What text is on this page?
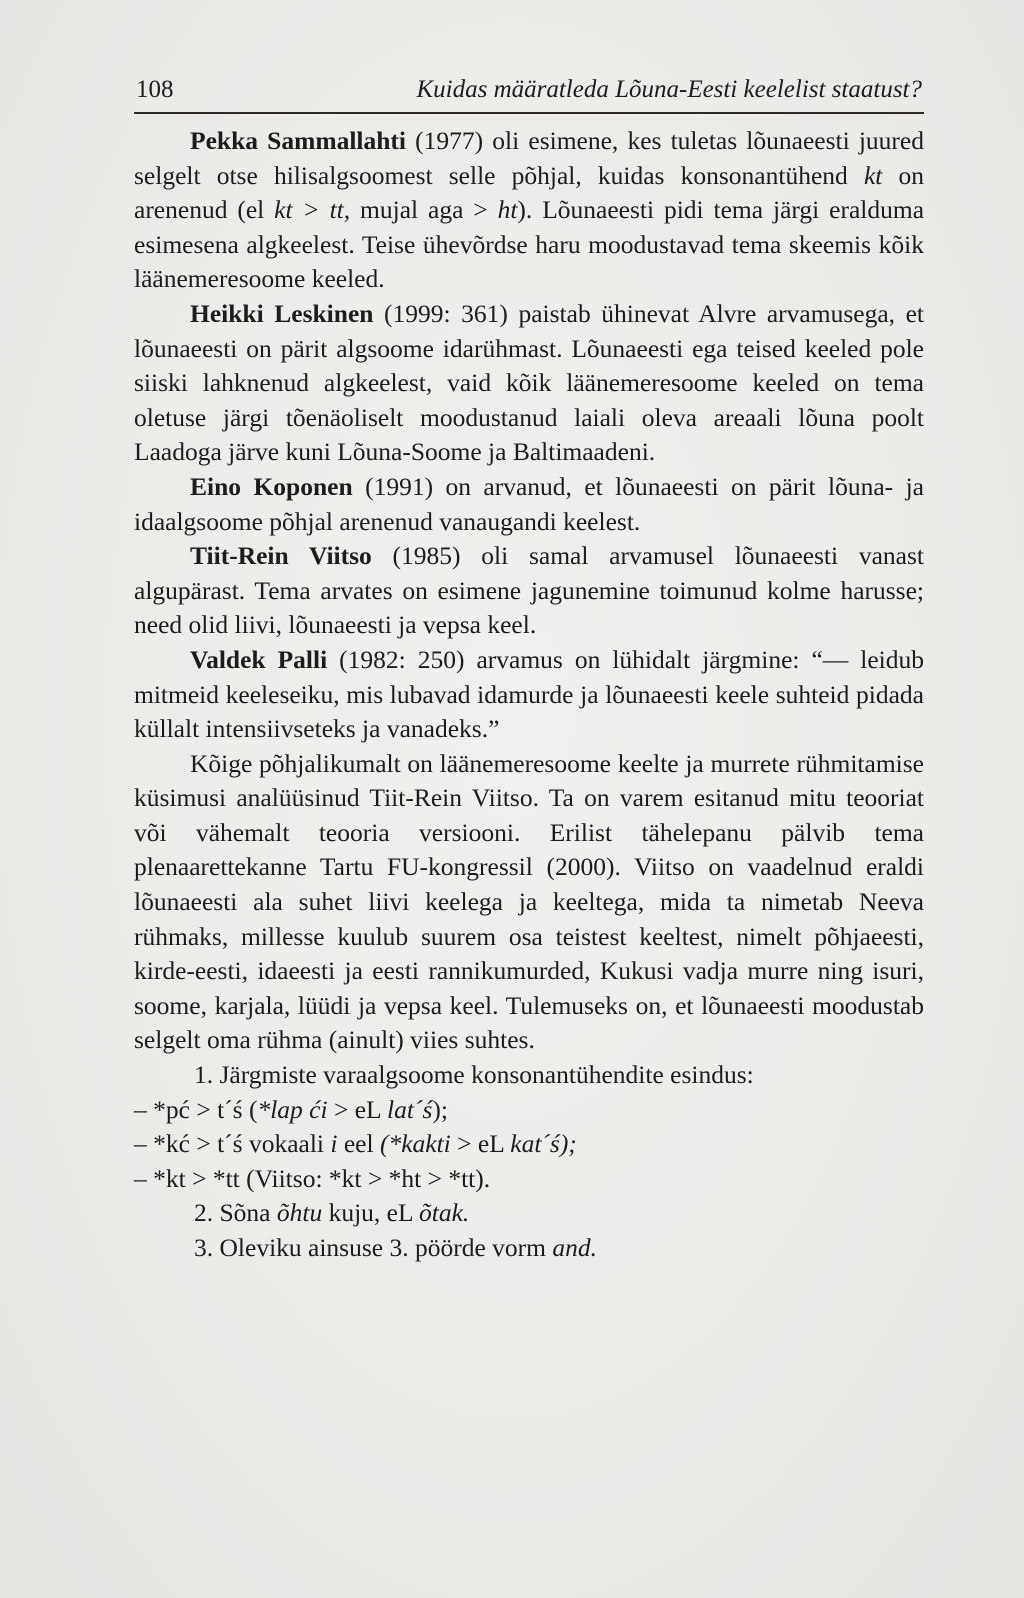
108	Kuidas määratleda Lõuna-Eesti keelelist staatust?

Pekka Sammallahti (1977) oli esimene, kes tuletas lõunaeesti juured selgelt otse hilisalgsoomest selle põhjal, kuidas konsonantühend kt on arenenud (el kt > tt, mujal aga > ht). Lõunaeesti pidi tema järgi eralduma esimesena algkeelest. Teise ühevõrdse haru moodustavad tema skeemis kõik läänemeresoome keeled.

Heikki Leskinen (1999: 361) paistab ühinevat Alvre arvamusega, et lõunaeesti on pärit algsoome idarühmast. Lõunaeesti ega teised keeled pole siiski lahknenud algkeelest, vaid kõik läänemeresoome keeled on tema oletuse järgi tõenäoliselt moodustanud laiali oleva areaali lõuna poolt Laadoga järve kuni Lõuna-Soome ja Baltimaadeni.

Eino Koponen (1991) on arvanud, et lõunaeesti on pärit lõuna- ja idaalgsoome põhjal arenenud vanaugandi keelest.

Tiit-Rein Viitso (1985) oli samal arvamusel lõunaeesti vanast algupärast. Tema arvates on esimene jagunemine toimunud kolme harusse; need olid liivi, lõunaeesti ja vepsa keel.

Valdek Palli (1982: 250) arvamus on lühidalt järgmine: “— leidub mitmeid keeleseiku, mis lubavad idamurde ja lõunaeesti keele suhteid pidada küllalt intensiivseteks ja vanadeks.”

Kõige põhjalikumalt on läänemeresoome keelte ja murrete rühmitamise küsimusi analüüsinud Tiit-Rein Viitso. Ta on varem esitanud mitu teooriat või vähemalt teooria versiooni. Erilist tähelepanu pälvib tema plenaarettekanne Tartu FU-kongressil (2000). Viitso on vaadelnud eraldi lõunaeesti ala suhet liivi keelega ja keeltega, mida ta nimetab Neeva rühmaks, millesse kuulub suurem osa teistest keeltest, nimelt põhjaeesti, kirde-eesti, idaeesti ja eesti rannikumurded, Kukusi vadja murre ning isuri, soome, karjala, lüüdi ja vepsa keel. Tulemuseks on, et lõunaeesti moodustab selgelt oma rühma (ainult) viies suhtes.

1. Järgmiste varaalgsoome konsonantühendite esindus:
– *pć > t´ś (*lap ći > eL lat´ś);
– *kć > t´ś vokaali i eel (*kakti > eL kat´ś);
– *kt > *tt (Viitso: *kt > *ht > *tt).
2. Sõna õhtu kuju, eL õtak.
3. Oleviku ainsuse 3. pöörde vorm and.
